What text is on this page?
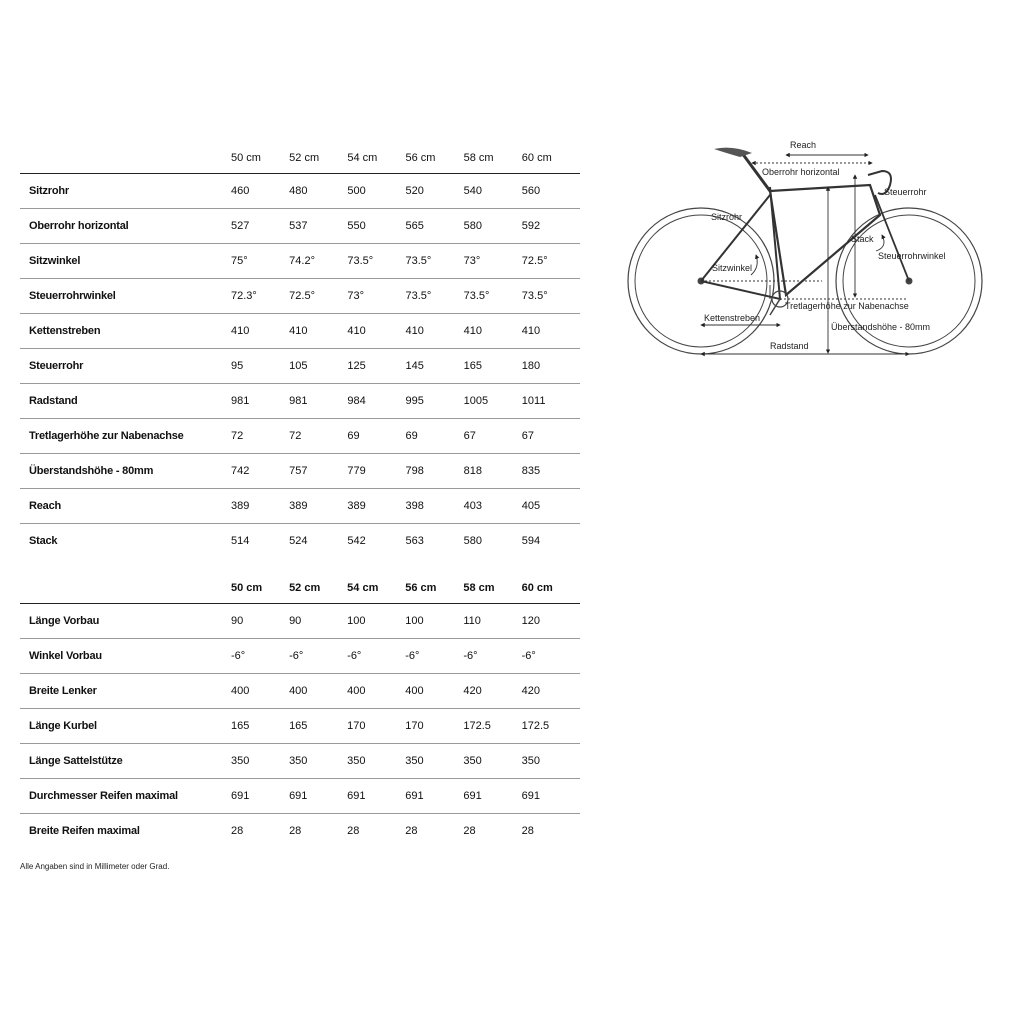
	50 cm	52 cm	54 cm	56 cm	58 cm	60 cm
Sitzrohr	460	480	500	520	540	560
Oberrohr horizontal	527	537	550	565	580	592
Sitzwinkel	75°	74.2°	73.5°	73.5°	73°	72.5°
Steuerrohrwinkel	72.3°	72.5°	73°	73.5°	73.5°	73.5°
Kettenstreben	410	410	410	410	410	410
Steuerrohr	95	105	125	145	165	180
Radstand	981	981	984	995	1005	1011
Tretlagerhöhe zur Nabenachse	72	72	69	69	67	67
Überstandshöhe - 80mm	742	757	779	798	818	835
Reach	389	389	389	398	403	405
Stack	514	524	542	563	580	594
	50 cm	52 cm	54 cm	56 cm	58 cm	60 cm
Länge Vorbau	90	90	100	100	110	120
Winkel Vorbau	-6°	-6°	-6°	-6°	-6°	-6°
Breite Lenker	400	400	400	400	420	420
Länge Kurbel	165	165	170	170	172.5	172.5
Länge Sattelstütze	350	350	350	350	350	350
Durchmesser Reifen maximal	691	691	691	691	691	691
Breite Reifen maximal	28	28	28	28	28	28
Alle Angaben sind in Millimeter oder Grad.
Reach
Oberrohr horizontal
Steuerrohr
Sitzrohr
Stack
Steuerrohrwinkel
Sitzwinkel
Tretlagerhöhe zur Nabenachse
Kettenstreben
Überstandshöhe - 80mm
Radstand
